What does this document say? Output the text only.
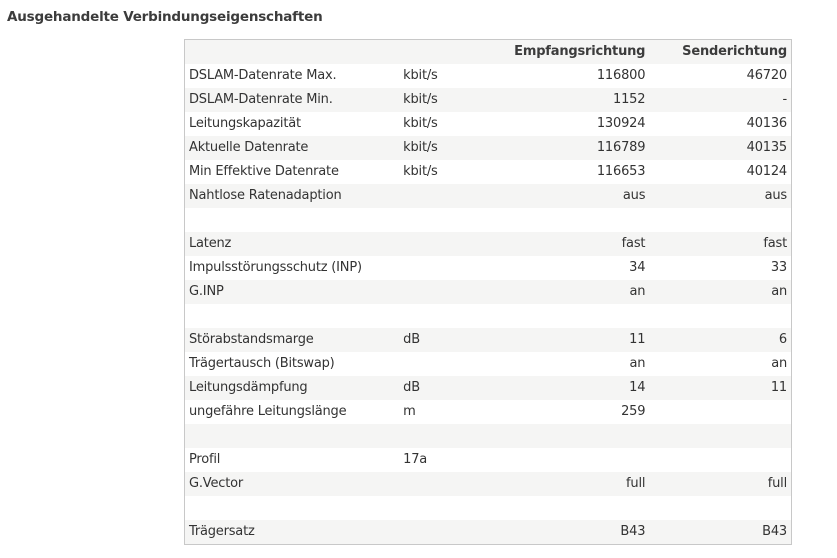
Ausgehandelte Verbindungseigenschaften
		Empfangsrichtung	Senderichtung
DSLAM-Datenrate Max.	kbit/s	116800	46720
DSLAM-Datenrate Min.	kbit/s	1152	-
Leitungskapazität	kbit/s	130924	40136
Aktuelle Datenrate	kbit/s	116789	40135
Min Effektive Datenrate	kbit/s	116653	40124
Nahtlose Ratenadaption		aus	aus

Latenz		fast	fast
Impulsstörungsschutz (INP)		34	33
G.INP		an	an

Störabstandsmarge	dB	11	6
Trägertausch (Bitswap)		an	an
Leitungsdämpfung	dB	14	11
ungefähre Leitungslänge	m	259	

Profil	17a		
G.Vector		full	full

Trägersatz		B43	B43
